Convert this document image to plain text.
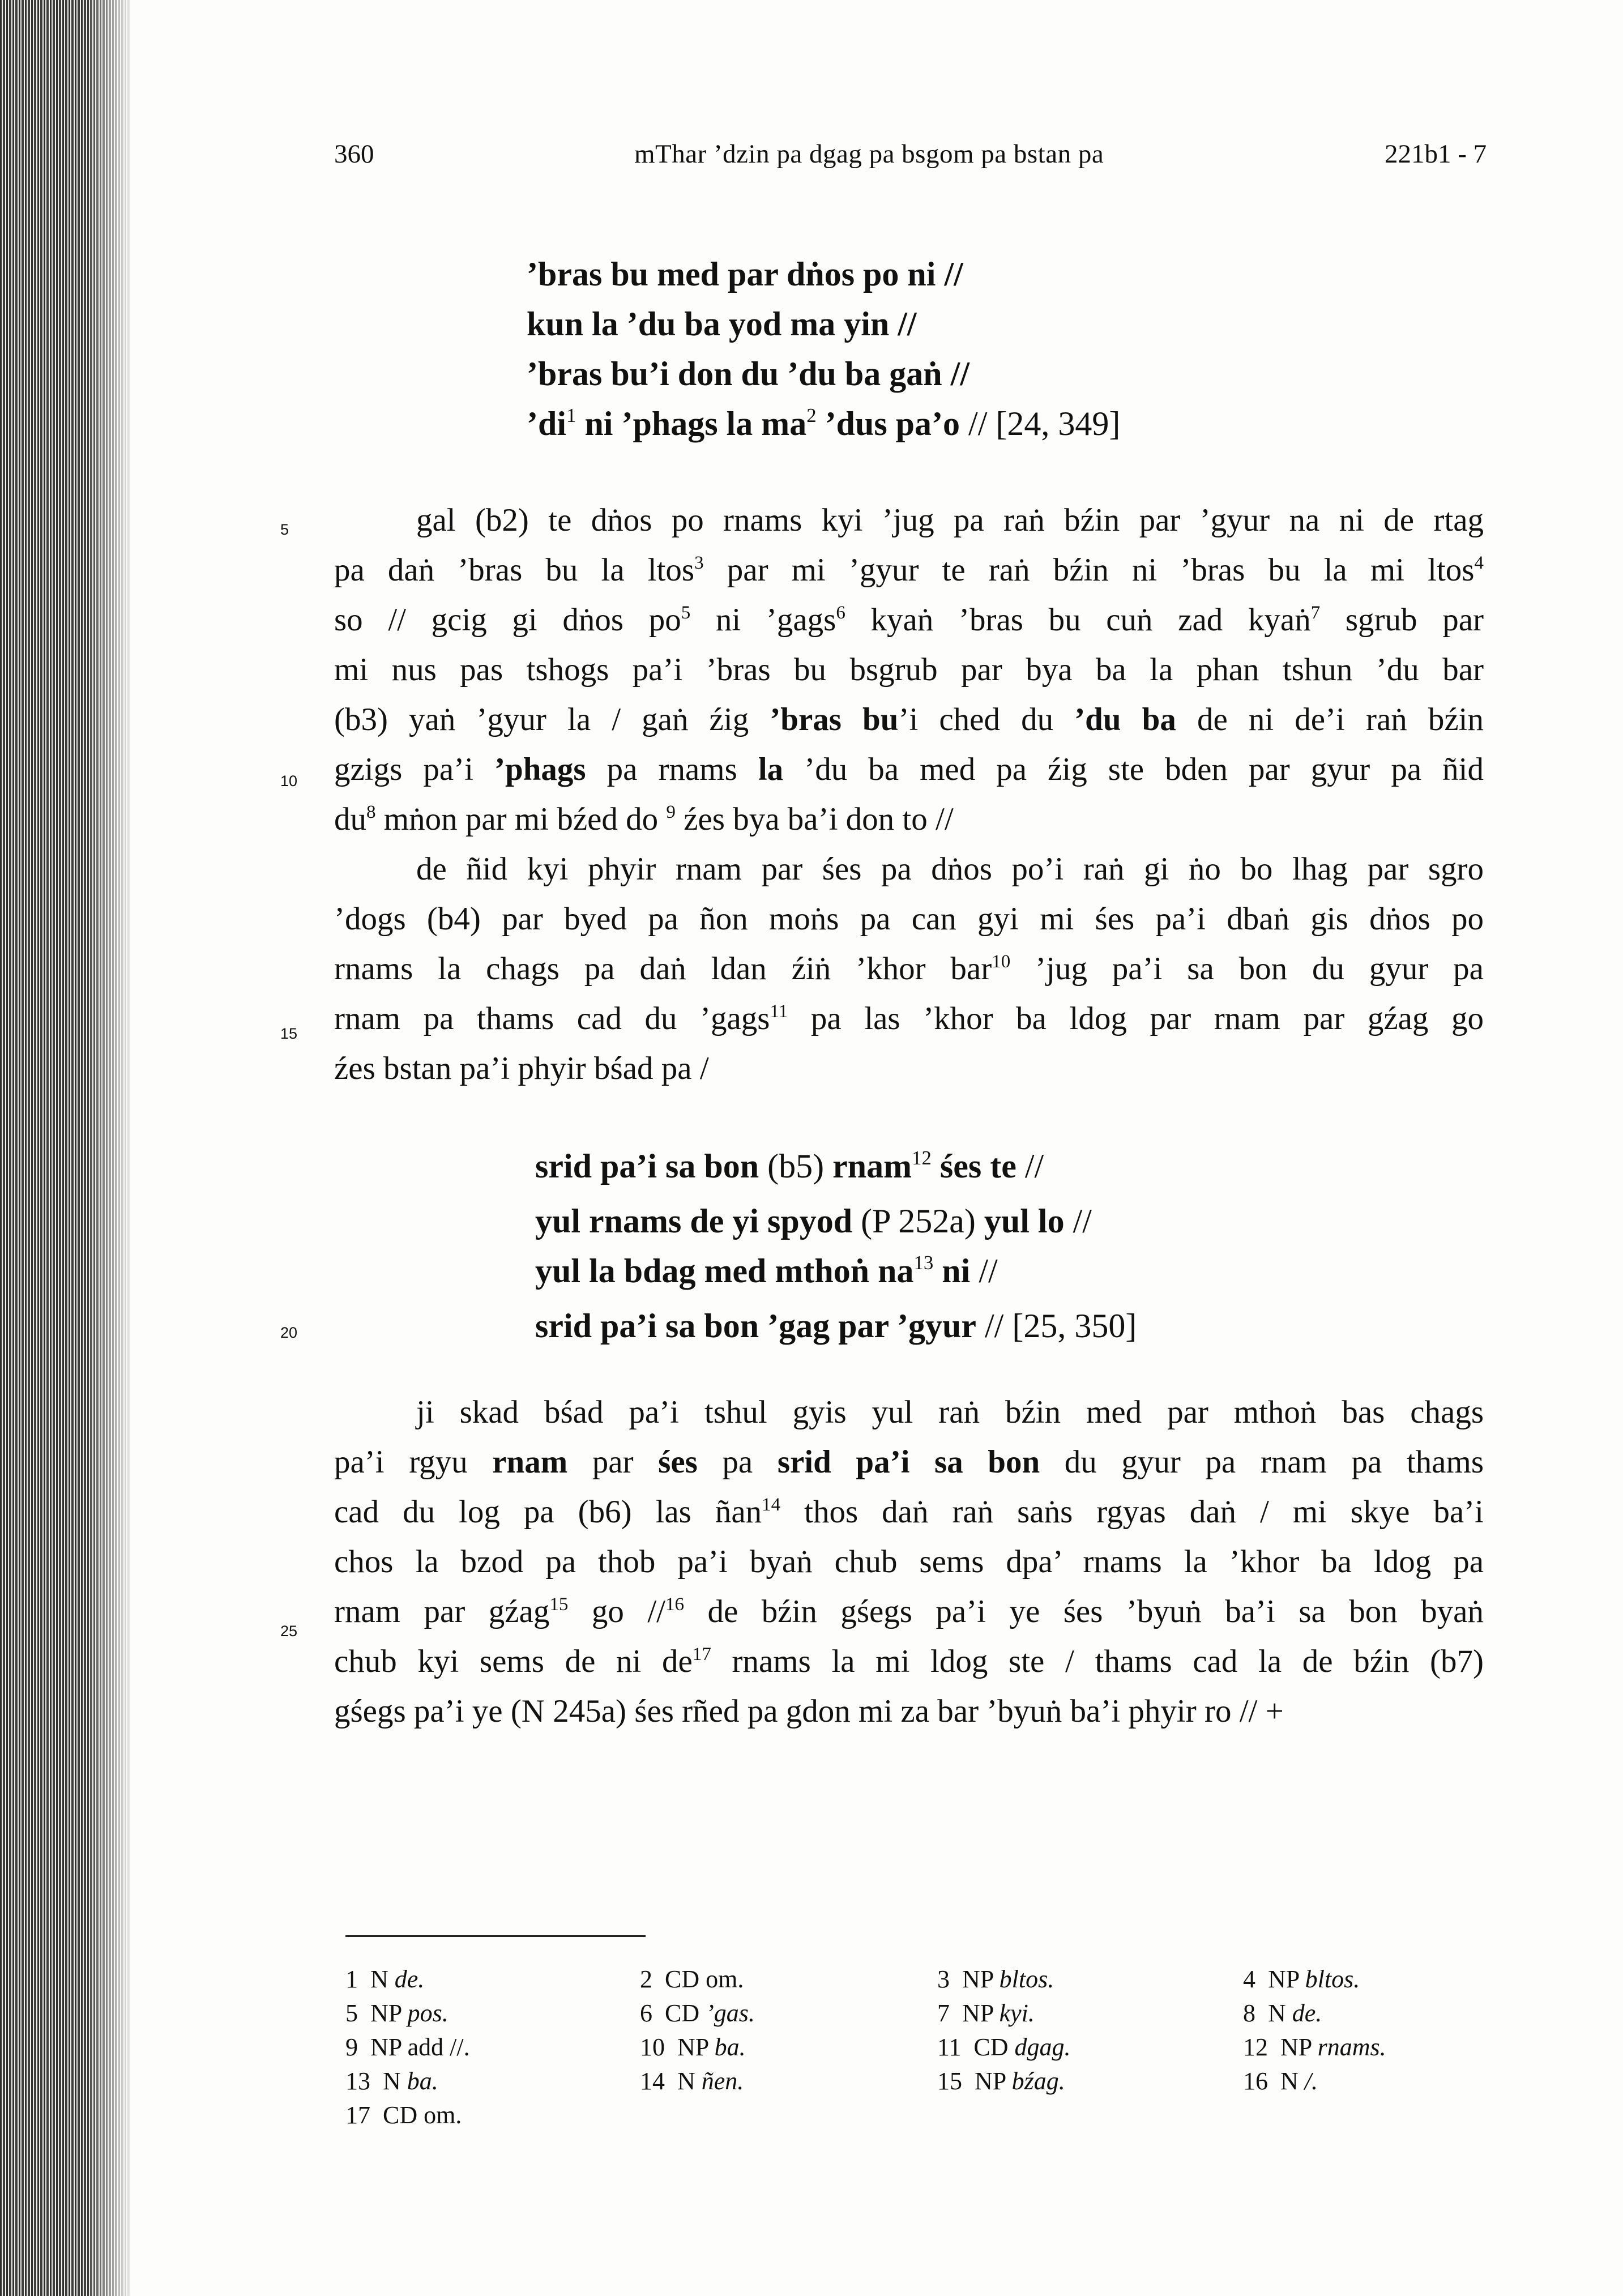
360	mThar ’dzin pa dgag pa bsgom pa bstan pa	221b1 - 7
’bras bu med par dṅos po ni //
kun la ’du ba yod ma yin //
’bras bu’i don du ’du ba gaṅ //
$’di^1$ ni ’phags la $ma^2$ ’dus pa’o // [24, 349]
5
10
15
20
25
gal (b2) te dṅos po rnams kyi ’jug pa raṅ bźin par ’gyur na ni de rtag
pa daṅ ’bras bu la ltos$^3$ par mi ’gyur te raṅ bźin ni ’bras bu la mi ltos$^4$
so // gcig gi dṅos $po^5$ ni ’gags$^6$ kyaṅ ’bras bu cuṅ zad kyaṅ$^7$ sgrub par
mi nus pas tshogs pa’i ’bras bu bsgrub par bya ba la phan tshun ’du bar
(b3) yaṅ ’gyur la / gaṅ źig ’bras bu’i ched du ’du ba de ni de’i raṅ bźin
gzigs pa’i ’phags pa rnams la ’du ba med pa źig ste bden par gyur pa ñid
$du^8$ mṅon par mi bźed do $^9$ źes bya ba’i don to //
de ñid kyi phyir rnam par śes pa dṅos po’i raṅ gi ṅo bo lhag par sgro
’dogs (b4) par byed pa ñon moṅs pa can gyi mi śes pa’i dbaṅ gis dṅos po
rnams la chags pa daṅ ldan źiṅ ’khor bar$^{10}$ ’jug pa’i sa bon du gyur pa
rnam pa thams cad du ’gags$^{11}$ pa las ’khor ba ldog par rnam par gźag go
źes bstan pa’i phyir bśad pa /
srid pa’i sa bon (b5) rnam$^{12}$ śes te //
yul rnams de yi spyod (P 252a) yul lo //
yul la bdag med mthoṅ $na^{13}$ ni //
srid pa’i sa bon ’gag par ’gyur // [25, 350]
ji skad bśad pa’i tshul gyis yul raṅ bźin med par mthoṅ bas chags
pa’i rgyu rnam par śes pa srid pa’i sa bon du gyur pa rnam pa thams
cad du log pa (b6) las ñan$^{14}$ thos daṅ raṅ saṅs rgyas daṅ / mi skye ba’i
chos la bzod pa thob pa’i byaṅ chub sems dpa’ rnams la ’khor ba ldog pa
rnam par gźag$^{15}$ go //$^{16}$ de bźin gśegs pa’i ye śes ’byuṅ ba’i sa bon byaṅ
chub kyi sems de ni $de^{17}$ rnams la mi ldog ste / thams cad la de bźin (b7)
gśegs pa’i ye (N 245a) śes rñed pa gdon mi za bar ’byuṅ ba’i phyir ro // +
1  N de.	2  CD om.	3  NP bltos.	4  NP bltos.
5  NP pos.	6  CD ’gas.	7  NP kyi.	8  N de.
9  NP add //.	10  NP ba.	11  CD dgag.	12  NP rnams.
13  N ba.	14  N ñen.	15  NP bźag.	16  N /.
17  CD om.
